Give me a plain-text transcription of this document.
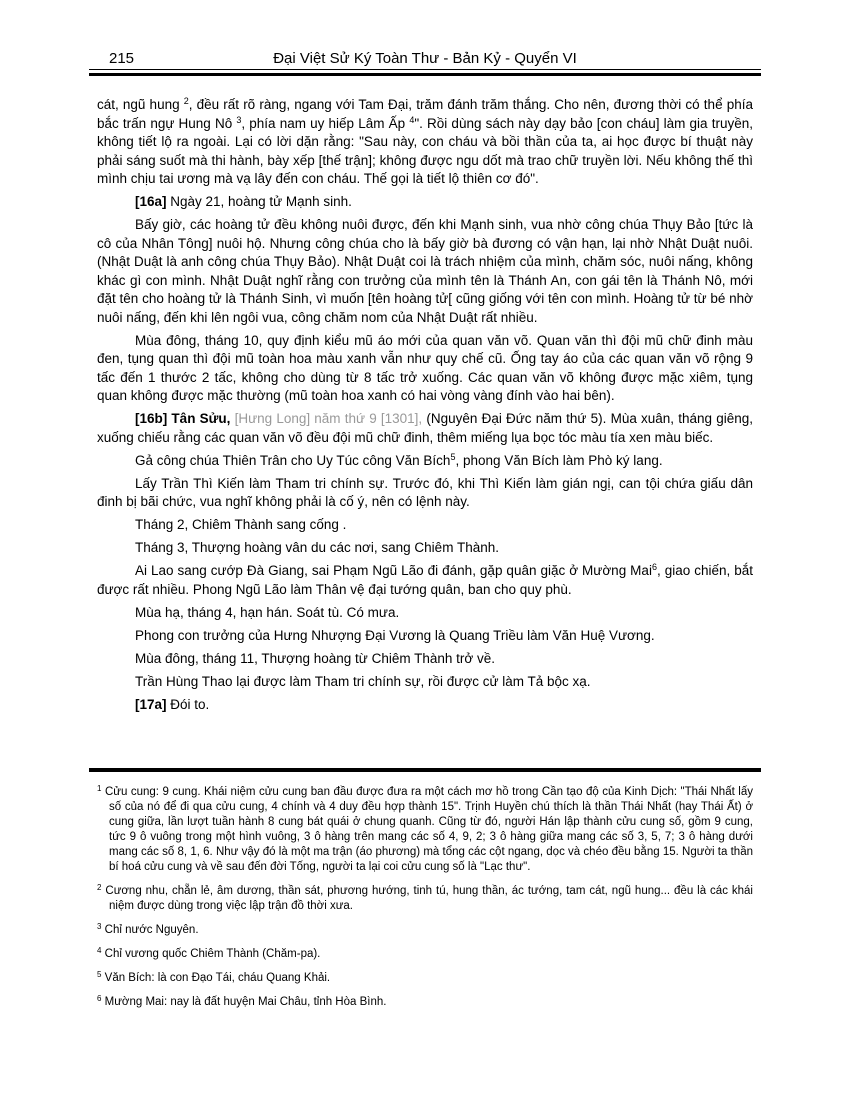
215	Đại Việt Sử Ký Toàn Thư - Bản Kỷ - Quyển VI

cát, ngũ hung $^2$, đều rất rõ ràng, ngang với Tam Đại, trăm đánh trăm thắng. Cho nên, đương thời có thể phía bắc trấn ngự Hung Nô $^3$, phía nam uy hiếp Lâm Ấp $^4$". Rồi dùng sách này dạy bảo [con cháu] làm gia truyền, không tiết lộ ra ngoài. Lại có lời dặn rằng: "Sau này, con cháu và bồi thần của ta, ai học được bí thuật này phải sáng suốt mà thi hành, bày xếp [thế trận]; không được ngu dốt mà trao chữ truyền lời. Nếu không thế thì mình chịu tai ương mà vạ lây đến con cháu. Thế gọi là tiết lộ thiên cơ đó".

[16a] Ngày 21, hoàng tử Mạnh sinh.

Bấy giờ, các hoàng tử đều không nuôi được, đến khi Mạnh sinh, vua nhờ công chúa Thụy Bảo [tức là cô của Nhân Tông] nuôi hộ. Nhưng công chúa cho là bấy giờ bà đương có vận hạn, lại nhờ Nhật Duật nuôi. (Nhật Duật là anh công chúa Thụy Bảo). Nhật Duật coi là trách nhiệm của mình, chăm sóc, nuôi nấng, không khác gì con mình. Nhật Duật nghĩ rằng con trưởng của mình tên là Thánh An, con gái tên là Thánh Nô, mới đặt tên cho hoàng tử là Thánh Sinh, vì muốn [tên hoàng tử[ cũng giống với tên con mình. Hoàng tử từ bé nhờ nuôi nấng, đến khi lên ngôi vua, công chăm nom của Nhật Duật rất nhiều.

Mùa đông, tháng 10, quy định kiểu mũ áo mới của quan văn võ. Quan văn thì đội mũ chữ đinh màu đen, tụng quan thì đội mũ toàn hoa màu xanh vẫn như quy chế cũ. Ống tay áo của các quan văn võ rộng 9 tấc đến 1 thước 2 tấc, không cho dùng từ 8 tấc trở xuống. Các quan văn võ không được mặc xiêm, tụng quan không được mặc thường (mũ toàn hoa xanh có hai vòng vàng đính vào hai bên).

[16b] Tân Sửu, [Hưng Long] năm thứ 9 [1301], (Nguyên Đại Đức năm thứ 5). Mùa xuân, tháng giêng, xuống chiếu rằng các quan văn võ đều đội mũ chữ đinh, thêm miếng lụa bọc tóc màu tía xen màu biếc.

Gả công chúa Thiên Trân cho Uy Túc công Văn Bích$^5$, phong Văn Bích làm Phò ký lang.

Lấy Trần Thì Kiến làm Tham tri chính sự. Trước đó, khi Thì Kiến làm gián ngị, can tội chứa giấu dân đinh bị bãi chức, vua nghĩ không phải là cố ý, nên có lệnh này.

Tháng 2, Chiêm Thành sang cống .

Tháng 3, Thượng hoàng vân du các nơi, sang Chiêm Thành.

Ai Lao sang cướp Đà Giang, sai Phạm Ngũ Lão đi đánh, gặp quân giặc ở Mường Mai$^6$, giao chiến, bắt được rất nhiều. Phong Ngũ Lão làm Thân vệ đại tướng quân, ban cho quy phù.

Mùa hạ, tháng 4, hạn hán. Soát tù. Có mưa.

Phong con trưởng của Hưng Nhượng Đại Vương là Quang Triều làm Văn Huệ Vương.

Mùa đông, tháng 11, Thượng hoàng từ Chiêm Thành trở về.

Trần Hùng Thao lại được làm Tham tri chính sự, rồi được cử làm Tả bộc xạ.

[17a] Đói to.

$^1$ Cửu cung: 9 cung. Khái niệm cửu cung ban đầu được đưa ra một cách mơ hồ trong Cần tạo độ của Kinh Dịch: "Thái Nhất lấy số của nó để đi qua cửu cung, 4 chính và 4 duy đều hợp thành 15". Trịnh Huyền chú thích là thần Thái Nhất (hay Thái Ất) ở cung giữa, lần lượt tuần hành 8 cung bát quái ở chung quanh. Cũng từ đó, người Hán lập thành cửu cung số, gồm 9 cung, tức 9 ô vuông trong một hình vuông, 3 ô hàng trên mang các số 4, 9, 2; 3 ô hàng giữa mang các số 3, 5, 7; 3 ô hàng dưới mang các số 8, 1, 6. Như vậy đó là một ma trận (áo phương) mà tổng các cột ngang, dọc và chéo đều bằng 15. Người ta thần bí hoá cửu cung và về sau đến đời Tống, người ta lại coi cửu cung số là "Lạc thư".
$^2$ Cương nhu, chẵn lẻ, âm dương, thần sát, phương hướng, tinh tú, hung thần, ác tướng, tam cát, ngũ hung... đều là các khái niệm được dùng trong việc lập trận đồ thời xưa.
$^3$ Chỉ nước Nguyên.
$^4$ Chỉ vương quốc Chiêm Thành (Chăm-pa).
$^5$ Văn Bích: là con Đạo Tái, cháu Quang Khải.
$^6$ Mường Mai: nay là đất huyện Mai Châu, tỉnh Hòa Bình.
